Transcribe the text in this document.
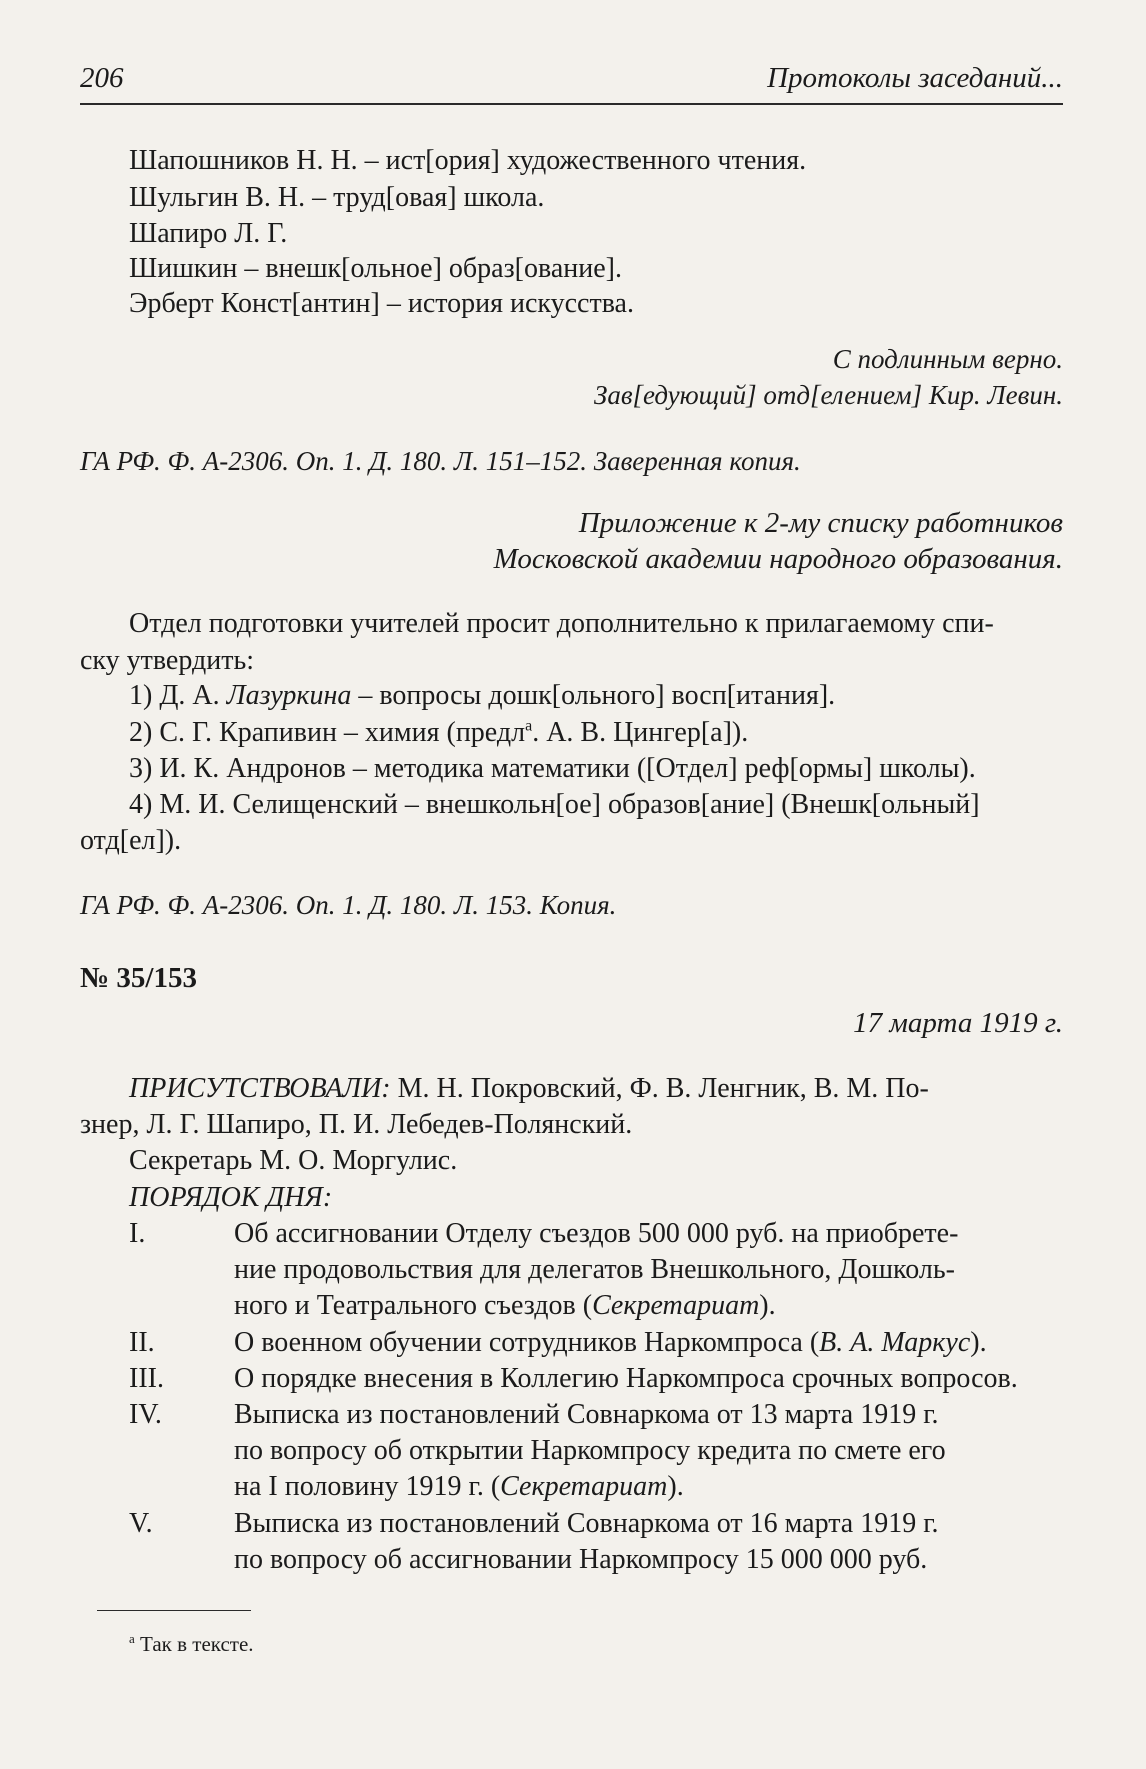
206	Протоколы заседаний...
Шапошников Н. Н. – ист[ория] художественного чтения.
Шульгин В. Н. – труд[овая] школа.
Шапиро Л. Г.
Шишкин – внешк[ольное] образ[ование].
Эрберт Конст[антин] – история искусства.
С подлинным верно.
Зав[едующий] отд[елением] Кир. Левин.
ГА РФ. Ф. А-2306. Оп. 1. Д. 180. Л. 151–152. Заверенная копия.
Приложение к 2-му списку работников
Московской академии народного образования.
Отдел подготовки учителей просит дополнительно к прилагаемому спи-
ску утвердить:
1) Д. А. Лазуркина – вопросы дошк[ольного] восп[итания].
2) С. Г. Крапивин – химия (предл$^а$. А. В. Цингер[а]).
3) И. К. Андронов – методика математики ([Отдел] реф[ормы] школы).
4) М. И. Селищенский – внешкольн[ое] образов[ание] (Внешк[ольный]
отд[ел]).
ГА РФ. Ф. А-2306. Оп. 1. Д. 180. Л. 153. Копия.
№ 35/153
17 марта 1919 г.
ПРИСУТСТВОВАЛИ: М. Н. Покровский, Ф. В. Ленгник, В. М. По-
знер, Л. Г. Шапиро, П. И. Лебедев-Полянский.
Секретарь М. О. Моргулис.
ПОРЯДОК ДНЯ:
I.	Об ассигновании Отделу съездов 500 000 руб. на приобрете-
ние продовольствия для делегатов Внешкольного, Дошколь-
ного и Театрального съездов (Секретариат).
II.	О военном обучении сотрудников Наркомпроса (В. А. Маркус).
III.	О порядке внесения в Коллегию Наркомпроса срочных вопросов.
IV.	Выписка из постановлений Совнаркома от 13 марта 1919 г.
по вопросу об открытии Наркомпросу кредита по смете его
на I половину 1919 г. (Секретариат).
V.	Выписка из постановлений Совнаркома от 16 марта 1919 г.
по вопросу об ассигновании Наркомпросу 15 000 000 руб.
$^а$ Так в тексте.
